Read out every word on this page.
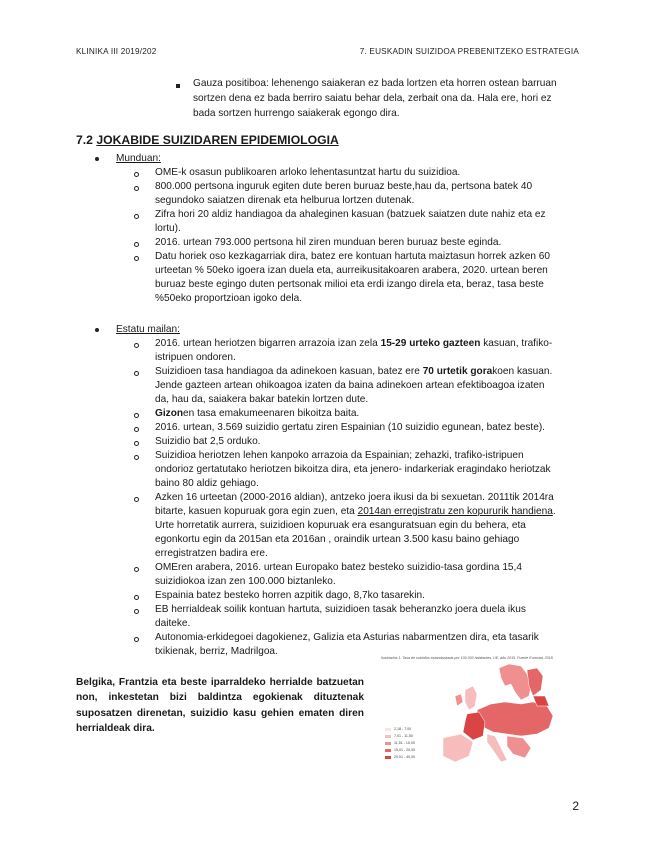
KLINIKA III 2019/202	7. EUSKADIN SUIZIDOA PREBENITZEKO ESTRATEGIA
Gauza positiboa: lehenengo saiakeran ez bada lortzen eta horren ostean barruan
sortzen dena ez bada berriro saiatu behar dela, zerbait ona da. Hala ere, hori ez
bada sortzen hurrengo saiakerak egongo dira.
7.2 JOKABIDE SUIZIDAREN EPIDEMIOLOGIA
Munduan:
OME-k osasun publikoaren arloko lehentasuntzat hartu du suizidioa.
800.000 pertsona inguruk egiten dute beren buruaz beste,hau da, pertsona batek 40
segundoko saiatzen direnak eta helburua lortzen dutenak.
Zifra hori 20 aldiz handiagoa da ahaleginen kasuan (batzuek saiatzen dute nahiz eta ez
lortu).
2016. urtean 793.000 pertsona hil ziren munduan beren buruaz beste eginda.
Datu horiek oso kezkagarriak dira, batez ere kontuan hartuta maiztasun horrek azken 60
urteetan % 50eko igoera izan duela eta, aurreikusitakoaren arabera, 2020. urtean beren
buruaz beste egingo duten pertsonak milioi eta erdi izango direla eta, beraz, tasa beste
%50eko proportzioan igoko dela.
Estatu mailan:
2016. urtean heriotzen bigarren arrazoia izan zela 15-29 urteko gazteen kasuan, trafiko-
istripuen ondoren.
Suizidioen tasa handiagoa da adinekoen kasuan, batez ere 70 urtetik gorakoen kasuan.
Jende gazteen artean ohikoagoa izaten da baina adinekoen artean efektiboagoa izaten
da, hau da, saiakera bakar batekin lortzen dute.
Gizonen tasa emakumeenaren bikoitza baita.
2016. urtean, 3.569 suizidio gertatu ziren Espainian (10 suizidio egunean, batez beste).
Suizidio bat 2,5 orduko.
Suizidioa heriotzen lehen kanpoko arrazoia da Espainian; zehazki, trafiko-istripuen
ondorioz gertatutako heriotzen bikoitza dira, eta jenero- indarkeriak eragindako heriotzak
baino 80 aldiz gehiago.
Azken 16 urteetan (2000-2016 aldian), antzeko joera ikusi da bi sexuetan. 2011tik 2014ra
bitarte, kasuen kopuruak gora egin zuen, eta 2014an erregistratu zen kopururik handiena.
Urte horretatik aurrera, suizidioen kopuruak era esanguratsuan egin du behera, eta
egonkortu egin da 2015an eta 2016an , oraindik urtean 3.500 kasu baino gehiago
erregistratzen badira ere.
OMEren arabera, 2016. urtean Europako batez besteko suizidio-tasa gordina 15,4
suizidiokoa izan zen 100.000 biztanleko.
Espainia batez besteko horren azpitik dago, 8,7ko tasarekin.
EB herrialdeak soilik kontuan hartuta, suizidioen tasak beheranzko joera duela ikus
daiteke.
Autonomia-erkidegoei dagokienez, Galizia eta Asturias nabarmentzen dira, eta tasarik
txikienak, berriz, Madrilgoa.
Belgika, Frantzia eta beste iparraldeko herrialde batzuetan non, inkestetan bizi baldintza egokienak dituztenak suposatzen direnetan, suizidio kasu gehien ematen diren herrialdeak dira.
Ilustrazioa 1. Tasa de suicidios estandarizada por 100.000 habitantes. UE, año 2015. Fuente Eurostat, 2018.
2,18 - 7,00
7,01 - 11,50
11,51 - 15,00
15,01 - 20,00
20,01 - 40,00
2
